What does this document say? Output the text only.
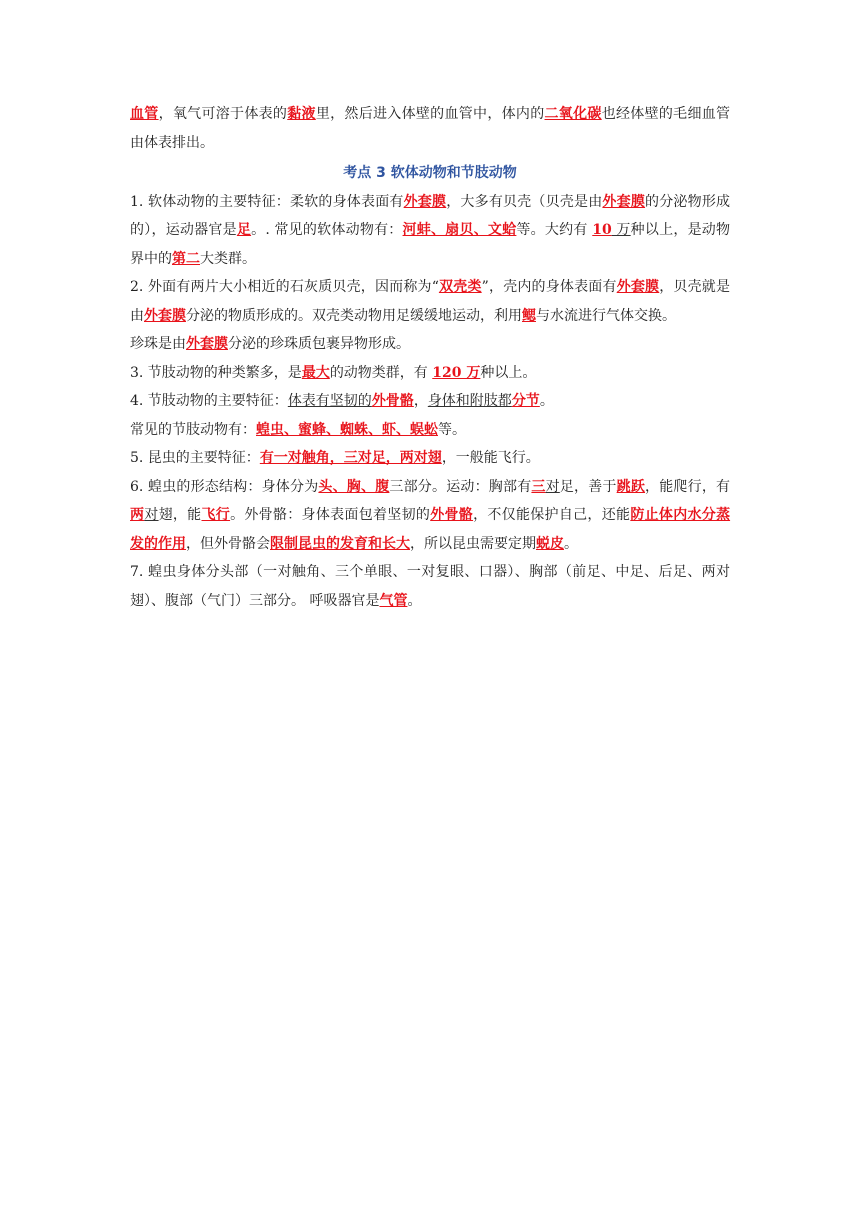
血管，氧气可溶于体表的黏液里，然后进入体壁的血管中，体内的二氧化碳也经体壁的毛细血管由体表排出。

考点 3 软体动物和节肢动物

1. 软体动物的主要特征：柔软的身体表面有外套膜，大多有贝壳（贝壳是由外套膜的分泌物形成的），运动器官是足。. 常见的软体动物有：河蚌、扇贝、文蛤等。大约有 10 万种以上，是动物界中的第二大类群。

2. 外面有两片大小相近的石灰质贝壳，因而称为“双壳类”，壳内的身体表面有外套膜，贝壳就是由外套膜分泌的物质形成的。双壳类动物用足缓缓地运动，利用鳃与水流进行气体交换。

珍珠是由外套膜分泌的珍珠质包裹异物形成。

3. 节肢动物的种类繁多，是最大的动物类群，有 120 万种以上。

4. 节肢动物的主要特征：体表有坚韧的外骨骼，身体和附肢都分节。

常见的节肢动物有：蝗虫、蜜蜂、蜘蛛、虾、蜈蚣等。

5. 昆虫的主要特征：有一对触角，三对足，两对翅，一般能飞行。

6. 蝗虫的形态结构：身体分为头、胸、腹三部分。运动：胸部有三对足，善于跳跃，能爬行，有两对翅，能飞行。外骨骼：身体表面包着坚韧的外骨骼，不仅能保护自己，还能防止体内水分蒸发的作用，但外骨骼会限制昆虫的发育和长大，所以昆虫需要定期蜕皮。

7. 蝗虫身体分头部（一对触角、三个单眼、一对复眼、口器）、胸部（前足、中足、后足、两对翅）、腹部（气门）三部分。 呼吸器官是气管。
